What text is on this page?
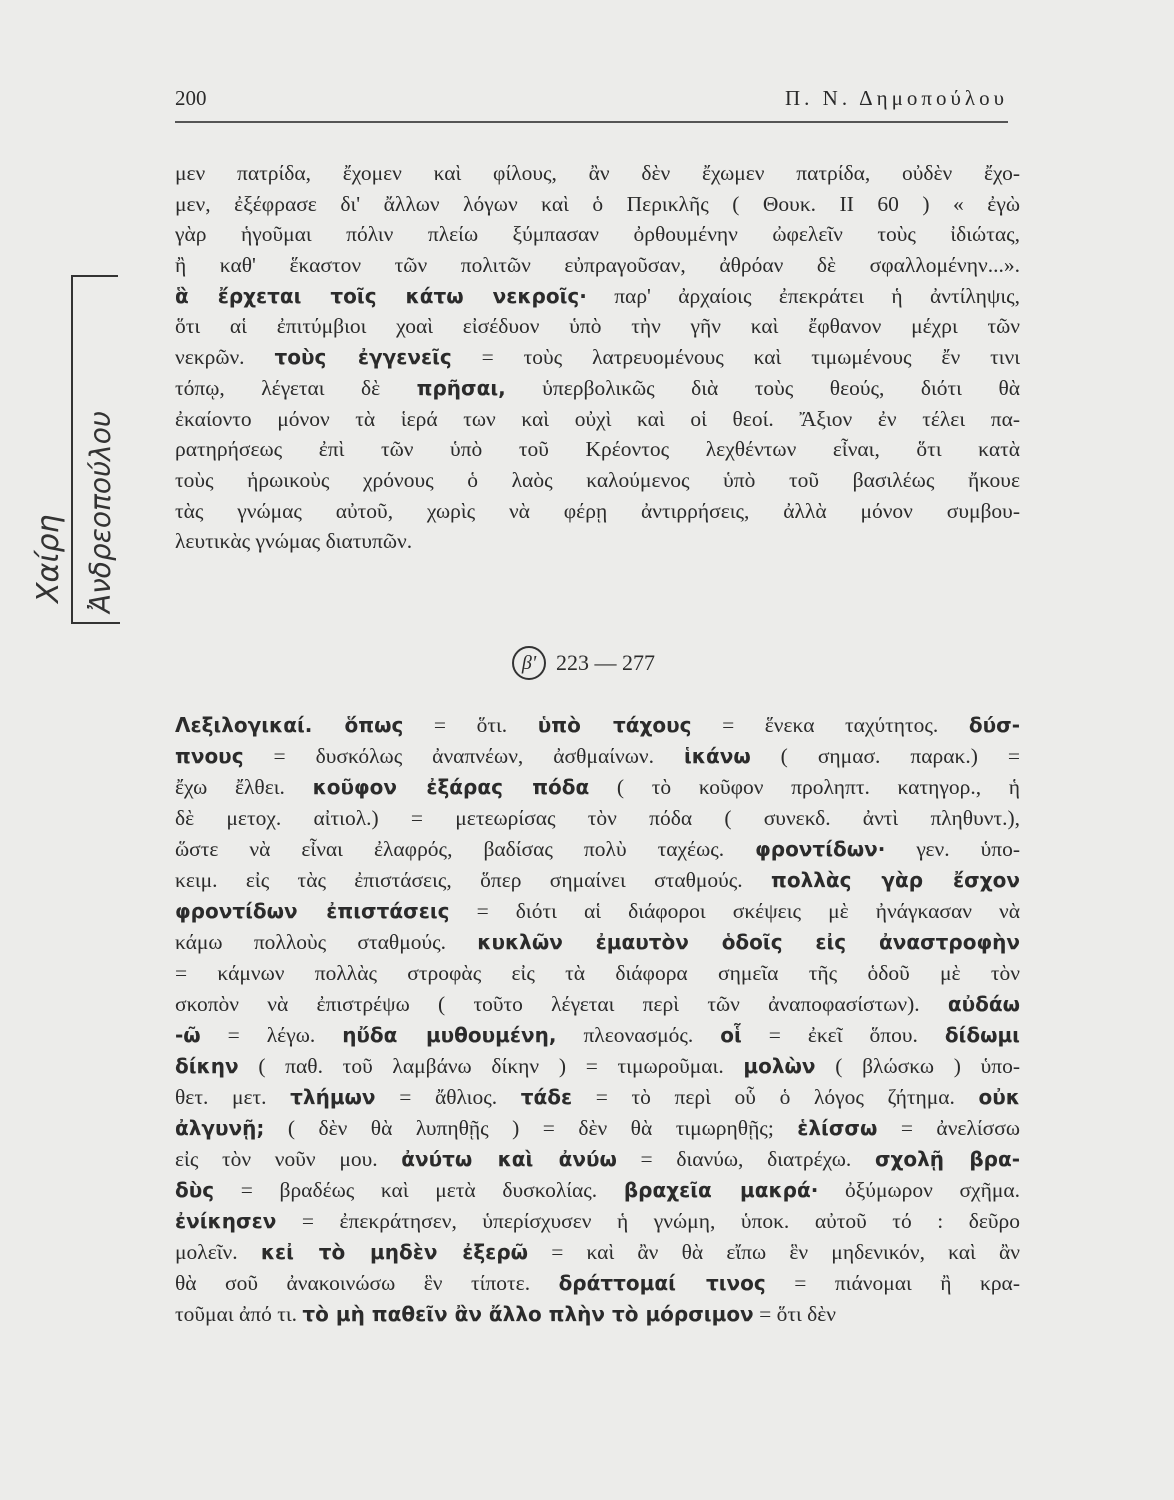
200	Π. Ν. Δημοπούλου
μεν πατρίδα, ἔχομεν καὶ φίλους, ἂν δὲν ἔχωμεν πατρίδα, οὐδὲν ἔχο-
μεν, ἐξέφρασε δι' ἄλλων λόγων καὶ ὁ Περικλῆς ( Θουκ. ΙΙ 60 ) « ἐγὼ
γὰρ ἡγοῦμαι πόλιν πλείω ξύμπασαν ὀρθουμένην ὠφελεῖν τοὺς ἰδιώτας,
ἢ καθ' ἕκαστον τῶν πολιτῶν εὐπραγοῦσαν, ἀθρόαν δὲ σφαλλομένην...».
ἃ ἔρχεται τοῖς κάτω νεκροῖς· παρ' ἀρχαίοις ἐπεκράτει ἡ ἀντίληψις,
ὅτι αἱ ἐπιτύμβιοι χοαὶ εἰσέδυον ὑπὸ τὴν γῆν καὶ ἔφθανον μέχρι τῶν
νεκρῶν. τοὺς ἐγγενεῖς = τοὺς λατρευομένους καὶ τιμωμένους ἔν τινι
τόπῳ, λέγεται δὲ πρῆσαι, ὑπερβολικῶς διὰ τοὺς θεούς, διότι θὰ
ἐκαίοντο μόνον τὰ ἱερά των καὶ οὐχὶ καὶ οἱ θεοί. Ἄξιον ἐν τέλει πα-
ρατηρήσεως ἐπὶ τῶν ὑπὸ τοῦ Κρέοντος λεχθέντων εἶναι, ὅτι κατὰ
τοὺς ἡρωικοὺς χρόνους ὁ λαὸς καλούμενος ὑπὸ τοῦ βασιλέως ἤκουε
τὰς γνώμας αὐτοῦ, χωρὶς νὰ φέρῃ ἀντιρρήσεις, ἀλλὰ μόνον συμβου-
λευτικὰς γνώμας διατυπῶν.
β' 223 — 277
Λεξιλογικαί. ὅπως = ὅτι. ὑπὸ τάχους = ἕνεκα ταχύτητος. δύσ-
πνους = δυσκόλως ἀναπνέων, ἀσθμαίνων. ἱκάνω ( σημασ. παρακ.) =
ἔχω ἔλθει. κοῦφον ἐξάρας πόδα ( τὸ κοῦφον προληπτ. κατηγορ., ἡ
δὲ μετοχ. αἰτιολ.) = μετεωρίσας τὸν πόδα ( συνεκδ. ἀντὶ πληθυντ.),
ὥστε νὰ εἶναι ἐλαφρός, βαδίσας πολὺ ταχέως. φροντίδων· γεν. ὑπο-
κειμ. εἰς τὰς ἐπιστάσεις, ὅπερ σημαίνει σταθμούς. πολλὰς γὰρ ἔσχον
φροντίδων ἐπιστάσεις = διότι αἱ διάφοροι σκέψεις μὲ ἠνάγκασαν νὰ
κάμω πολλοὺς σταθμούς. κυκλῶν ἐμαυτὸν ὁδοῖς εἰς ἀναστροφὴν
= κάμνων πολλὰς στροφὰς εἰς τὰ διάφορα σημεῖα τῆς ὁδοῦ μὲ τὸν
σκοπὸν νὰ ἐπιστρέψω ( τοῦτο λέγεται περὶ τῶν ἀναποφασίστων). αὐδάω
-ῶ = λέγω. ηὔδα μυθουμένη, πλεονασμός. οἷ = ἐκεῖ ὅπου. δίδωμι
δίκην ( παθ. τοῦ λαμβάνω δίκην ) = τιμωροῦμαι. μολὼν ( βλώσκω ) ὑπο-
θετ. μετ. τλήμων = ἄθλιος. τάδε = τὸ περὶ οὗ ὁ λόγος ζήτημα. οὐκ
ἀλγυνῇ; ( δὲν θὰ λυπηθῇς ) = δὲν θὰ τιμωρηθῇς; ἑλίσσω = ἀνελίσσω
εἰς τὸν νοῦν μου. ἀνύτω καὶ ἀνύω = διανύω, διατρέχω. σχολῇ βρα-
δὺς = βραδέως καὶ μετὰ δυσκολίας. βραχεῖα μακρά· ὀξύμωρον σχῆμα.
ἐνίκησεν = ἐπεκράτησεν, ὑπερίσχυσεν ἡ γνώμη, ὑποκ. αὐτοῦ τό : δεῦρο
μολεῖν. κεἰ τὸ μηδὲν ἐξερῶ = καὶ ἂν θὰ εἴπω ἓν μηδενικόν, καὶ ἂν
θὰ σοῦ ἀνακοινώσω ἓν τίποτε. δράττομαί τινος = πιάνομαι ἢ κρα-
τοῦμαι ἀπό τι. τὸ μὴ παθεῖν ἂν ἄλλο πλὴν τὸ μόρσιμον = ὅτι δὲν
Χαίρη Ἀνδρεοπούλου
